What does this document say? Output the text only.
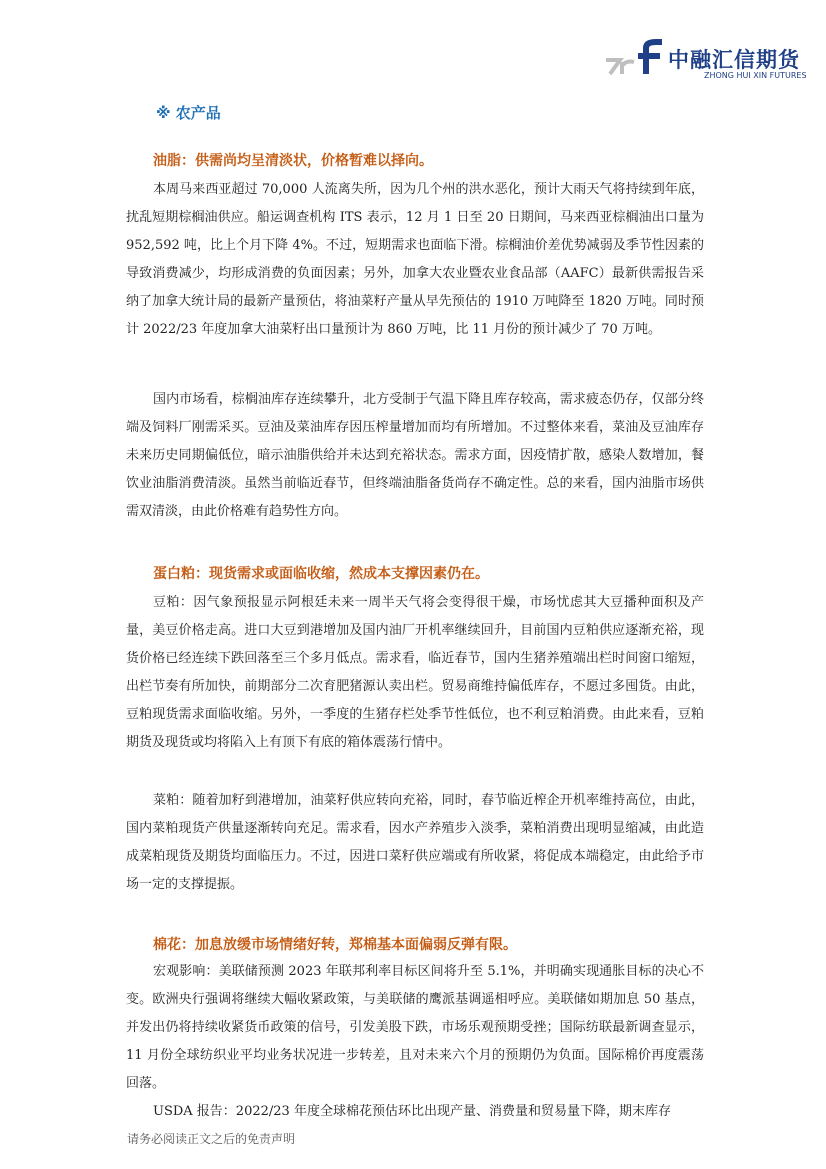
中融汇信期货
ZHONG HUI XIN FUTURES
※ 农产品
油脂：供需尚均呈清淡状，价格暂难以择向。

本周马来西亚超过 70,000 人流离失所，因为几个州的洪水恶化，预计大雨天气将持续到年底，扰乱短期棕榈油供应。船运调查机构 ITS 表示，12 月 1 日至 20 日期间，马来西亚棕榈油出口量为 952,592 吨，比上个月下降 4%。不过，短期需求也面临下滑。棕榈油价差优势减弱及季节性因素的导致消费减少，均形成消费的负面因素；另外，加拿大农业暨农业食品部（AAFC）最新供需报告采纳了加拿大统计局的最新产量预估，将油菜籽产量从早先预估的 1910 万吨降至 1820 万吨。同时预计 2022/23 年度加拿大油菜籽出口量预计为 860 万吨，比 11 月份的预计减少了 70 万吨。

国内市场看，棕榈油库存连续攀升，北方受制于气温下降且库存较高，需求疲态仍存，仅部分终端及饲料厂刚需采买。豆油及菜油库存因压榨量增加而均有所增加。不过整体来看，菜油及豆油库存未来历史同期偏低位，暗示油脂供给并未达到充裕状态。需求方面，因疫情扩散，感染人数增加，餐饮业油脂消费清淡。虽然当前临近春节，但终端油脂备货尚存不确定性。总的来看，国内油脂市场供需双清淡，由此价格难有趋势性方向。

蛋白粕：现货需求或面临收缩，然成本支撑因素仍在。

豆粕：因气象预报显示阿根廷未来一周半天气将会变得很干燥，市场忧虑其大豆播种面积及产量，美豆价格走高。进口大豆到港增加及国内油厂开机率继续回升，目前国内豆粕供应逐渐充裕，现货价格已经连续下跌回落至三个多月低点。需求看，临近春节，国内生猪养殖端出栏时间窗口缩短，出栏节奏有所加快，前期部分二次育肥猪源认卖出栏。贸易商维持偏低库存，不愿过多囤货。由此，豆粕现货需求面临收缩。另外，一季度的生猪存栏处季节性低位，也不利豆粕消费。由此来看，豆粕期货及现货或均将陷入上有顶下有底的箱体震荡行情中。

菜粕：随着加籽到港增加，油菜籽供应转向充裕，同时，春节临近榨企开机率维持高位，由此，国内菜粕现货产供量逐渐转向充足。需求看，因水产养殖步入淡季，菜粕消费出现明显缩减，由此造成菜粕现货及期货均面临压力。不过，因进口菜籽供应端或有所收紧，将促成本端稳定，由此给予市场一定的支撑提振。

棉花：加息放缓市场情绪好转，郑棉基本面偏弱反弹有限。

宏观影响：美联储预测 2023 年联邦利率目标区间将升至 5.1%，并明确实现通胀目标的决心不变。欧洲央行强调将继续大幅收紧政策，与美联储的鹰派基调遥相呼应。美联储如期加息 50 基点，并发出仍将持续收紧货币政策的信号，引发美股下跌，市场乐观预期受挫；国际纺联最新调查显示，11 月份全球纺织业平均业务状况进一步转差，且对未来六个月的预期仍为负面。国际棉价再度震荡回落。

USDA 报告：2022/23 年度全球棉花预估环比出现产量、消费量和贸易量下降，期末库存

请务必阅读正文之后的免责声明
